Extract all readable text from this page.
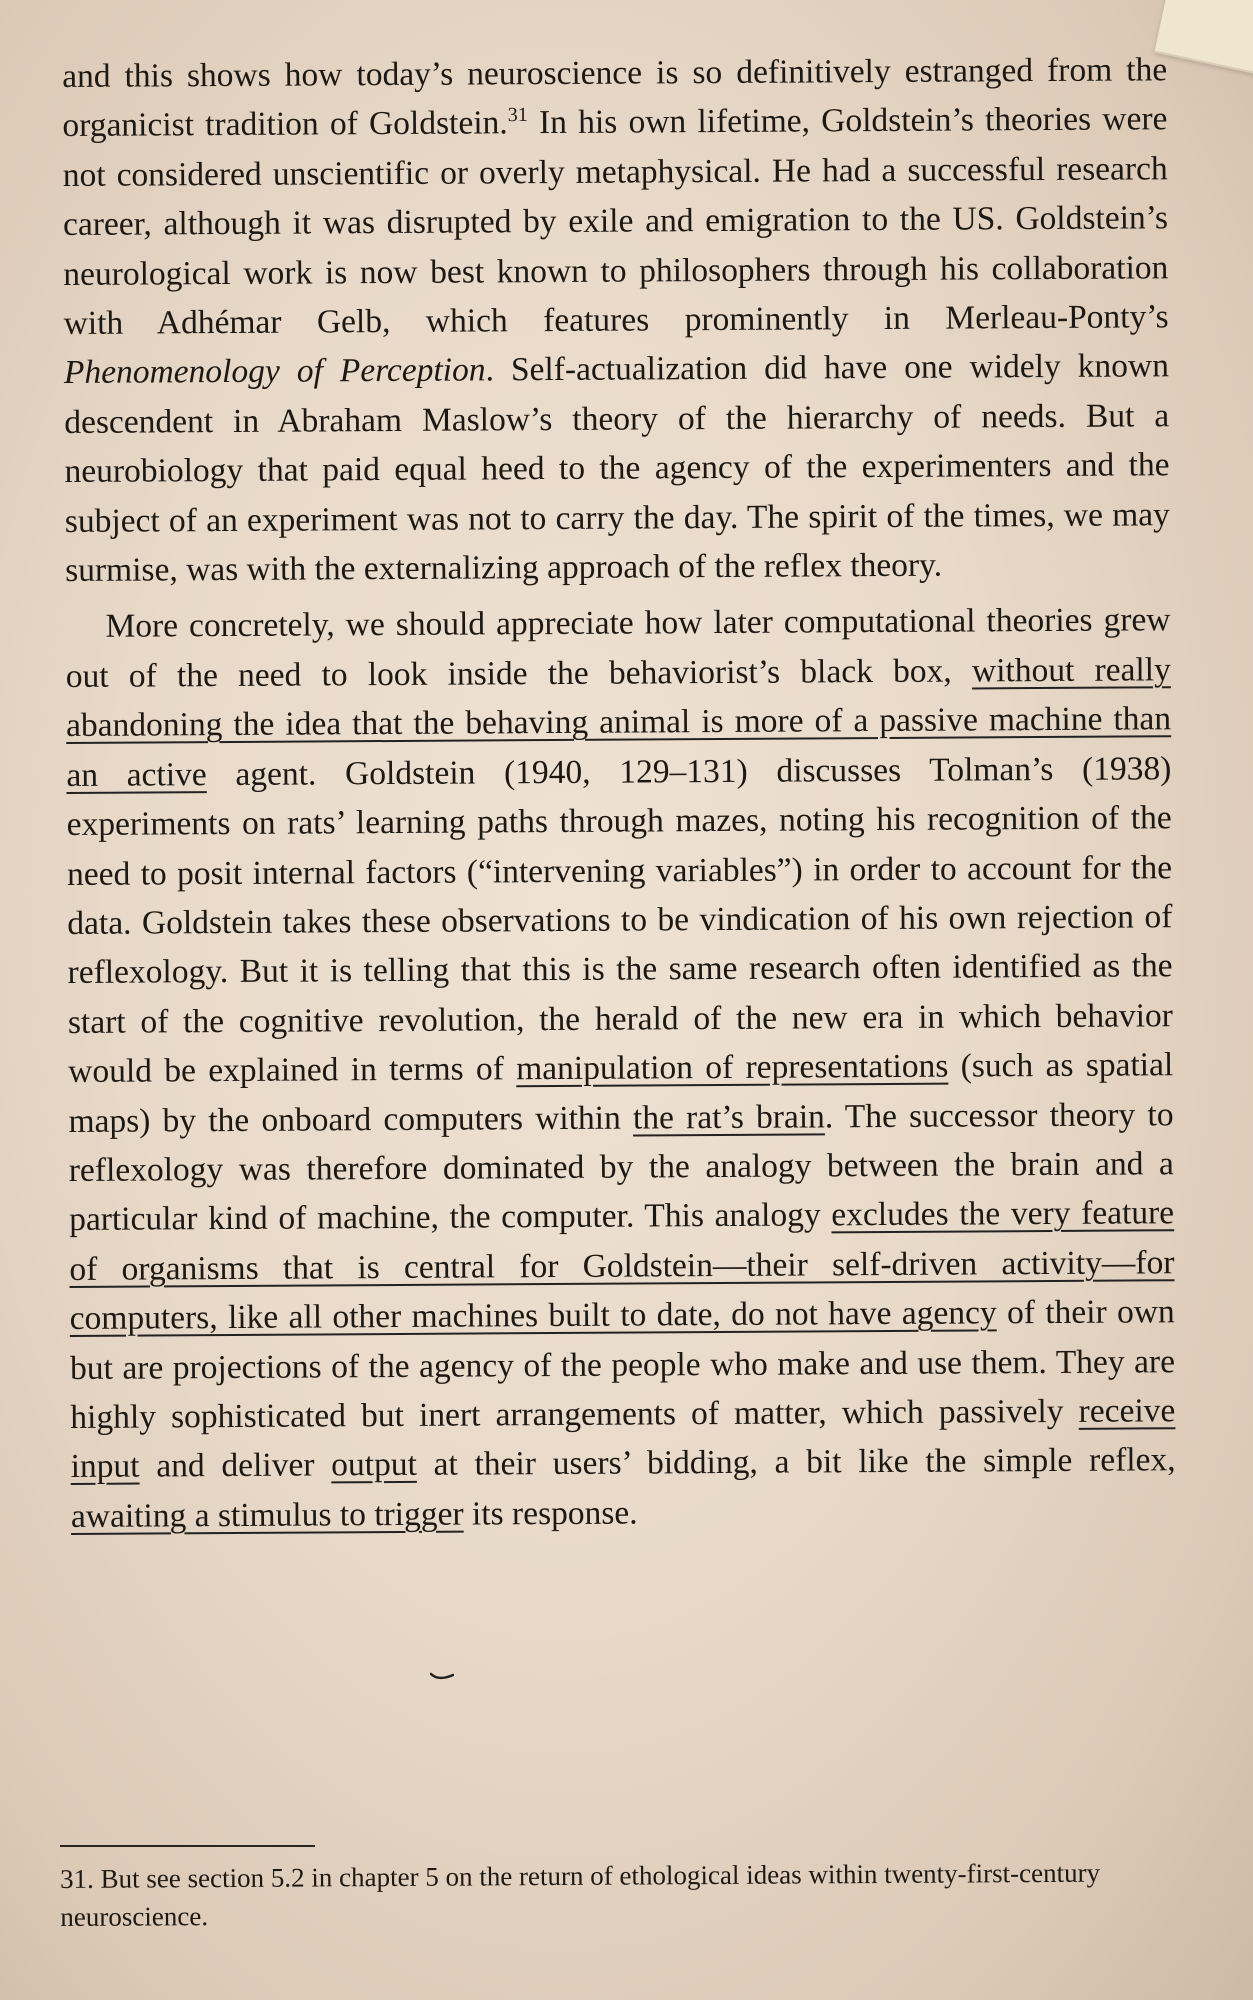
and this shows how today’s neuroscience is so definitively estranged from the organicist tradition of Goldstein.$^{31}$ In his own lifetime, Goldstein’s theories were not considered unscientific or overly metaphysical. He had a successful research career, although it was disrupted by exile and emigration to the US. Goldstein’s neurological work is now best known to philosophers through his collaboration with Adhémar Gelb, which features prominently in Merleau-Ponty’s Phenomenology of Perception. Self-actualization did have one widely known descendent in Abraham Maslow’s theory of the hierarchy of needs. But a neurobiology that paid equal heed to the agency of the experimenters and the subject of an experiment was not to carry the day. The spirit of the times, we may surmise, was with the externalizing approach of the reflex theory.

More concretely, we should appreciate how later computational theories grew out of the need to look inside the behaviorist’s black box, without really abandoning the idea that the behaving animal is more of a passive machine than an active agent. Goldstein (1940, 129–131) discusses Tolman’s (1938) experiments on rats’ learning paths through mazes, noting his recognition of the need to posit internal factors (“intervening variables”) in order to account for the data. Goldstein takes these observations to be vindication of his own rejection of reflexology. But it is telling that this is the same research often identified as the start of the cognitive revolution, the herald of the new era in which behavior would be explained in terms of manipulation of representations (such as spatial maps) by the onboard computers within the rat’s brain. The successor theory to reflexology was therefore dominated by the analogy between the brain and a particular kind of machine, the computer. This analogy excludes the very feature of organisms that is central for Goldstein—their self-driven activity—for computers, like all other machines built to date, do not have agency of their own but are projections of the agency of the people who make and use them. They are highly sophisticated but inert arrangements of matter, which passively receive input and deliver output at their users’ bidding, a bit like the simple reflex, awaiting a stimulus to trigger its response.

31. But see section 5.2 in chapter 5 on the return of ethological ideas within twenty-first-century neuroscience.
